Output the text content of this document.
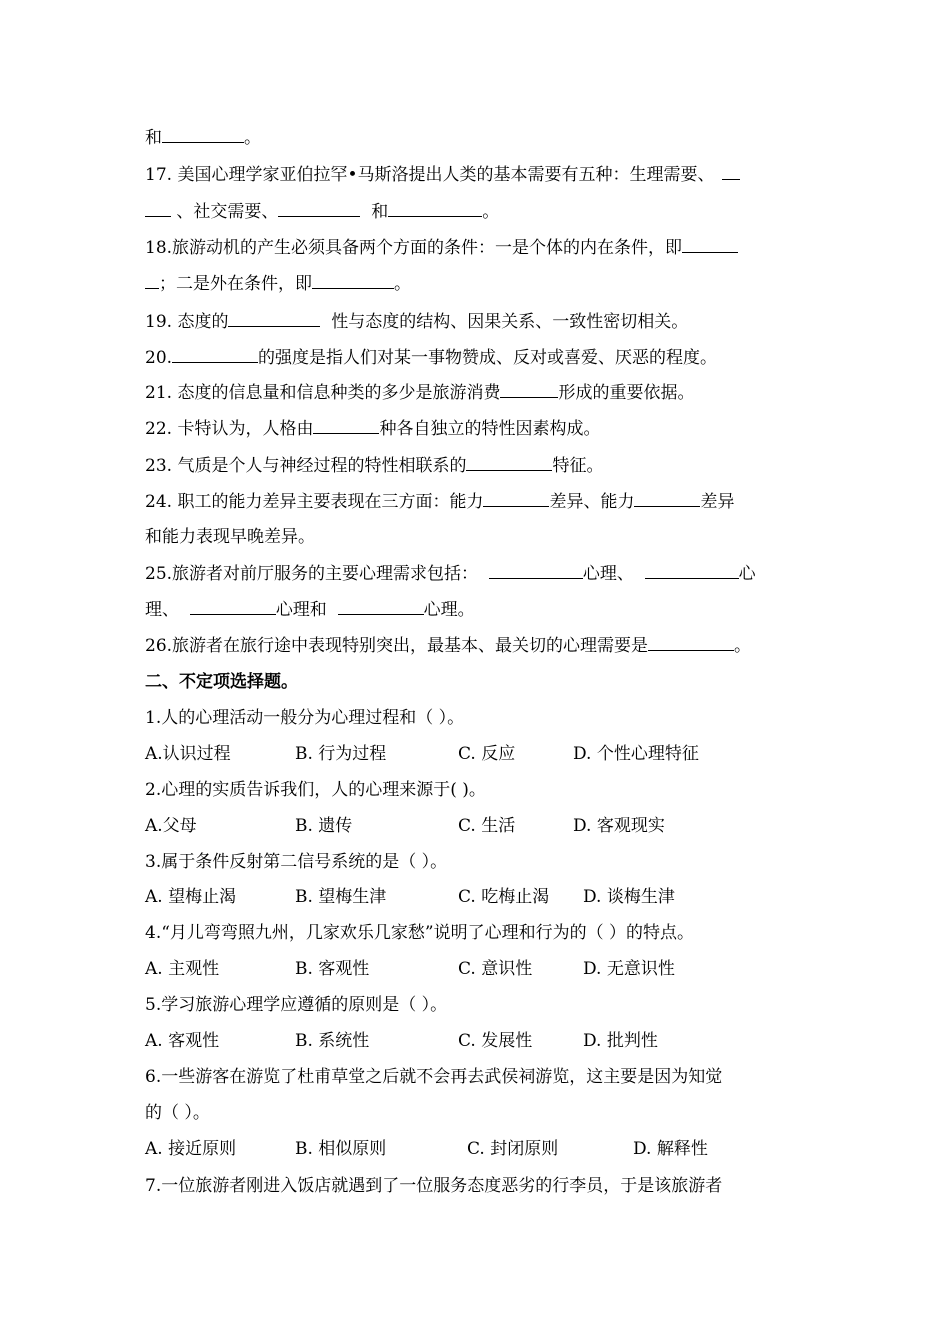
和	。
17. 美国心理学家亚伯拉罕•马斯洛提出人类的基本需要有五种：生理需要、
、社交需要、	和	。
18.旅游动机的产生必须具备两个方面的条件：一是个体的内在条件，即
；二是外在条件，即	。
19. 态度的	性与态度的结构、因果关系、一致性密切相关。
20.	的强度是指人们对某一事物赞成、反对或喜爱、厌恶的程度。
21. 态度的信息量和信息种类的多少是旅游消费	形成的重要依据。
22. 卡特认为，人格由	种各自独立的特性因素构成。
23. 气质是个人与神经过程的特性相联系的	特征。
24. 职工的能力差异主要表现在三方面：能力	差异、能力	差异
和能力表现早晚差异。
25.旅游者对前厅服务的主要心理需求包括：	心理、	心
理、	心理和	心理。
26.旅游者在旅行途中表现特别突出，最基本、最关切的心理需要是	。
二、不定项选择题。
1.人的心理活动一般分为心理过程和（ ）。
A.认识过程	B. 行为过程	C. 反应	D. 个性心理特征
2.心理的实质告诉我们，人的心理来源于( )。
A.父母	B. 遗传	C. 生活	D. 客观现实
3.属于条件反射第二信号系统的是（ ）。
A. 望梅止渴	B. 望梅生津	C. 吃梅止渴 D. 谈梅生津
4.“月儿弯弯照九州，几家欢乐几家愁”说明了心理和行为的（ ）的特点。
A. 主观性	B. 客观性	C. 意识性	D. 无意识性
5.学习旅游心理学应遵循的原则是（ ）。
A. 客观性	B. 系统性	C. 发展性	D. 批判性
6.一些游客在游览了杜甫草堂之后就不会再去武侯祠游览，这主要是因为知觉
的（ ）。
A. 接近原则	B. 相似原则	C. 封闭原则	D. 解释性
7.一位旅游者刚进入饭店就遇到了一位服务态度恶劣的行李员，于是该旅游者
